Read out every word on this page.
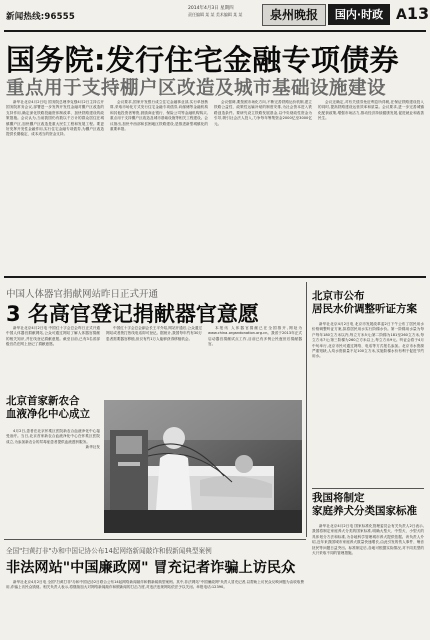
新闻热线:96555
2014年4月3日 星期四
责任编辑 某 某 美术编辑 某 某	泉州晚报	国内·时政 A13
国务院:发行住宅金融专项债券
重点用于支持棚户区改造及城市基础设施建设

新华社北京4月2日电 国务院总理李克强4月2日主持召开国务院常务会议,部署进一步发挥开发性金融对棚户区改造的支持作用,确定深化铁路投融资体制改革、加快铁路建设的政策措施。会议认为,当前我国仍有数以千万计的群众居住在城镇棚户区,加快棚户区改造是重大民生工程和发展工程。要更好发挥开发性金融作用,实行住宅金融专项债券,为棚户区改造提供长期稳定、成本适当的资金支持。

会议要求,国家开发银行成立住宅金融事业部,实行单独核算,采取市场化方式发行住宅金融专项债券,向邮储等金融机构和其他投资者筹资,鼓励商业银行、保险公司等金融机构购买,重点用于支持棚户区改造及城市基础设施等相关工程建设。会议指出,加快中西部和贫困地区铁路建设,是推进新型城镇化的重要举措。

会议强调,要按照市场化方向,不断完善铁路运价机制,建立铁路公益性、政策性运输补贴的制度安排,为社会资本进入铁路创造条件。要研究设立铁路发展基金,以中央财政性资金为引导,吸引社会法人投入,力争每年筹集资金2000亿至3000亿元。

会议还确定,对有关债券免征利息所得税,在保证铁路建设投入的同时,提高铁路建设运营效率和质量。会议要求,进一步完善城镇化配套政策,增强市场活力,推动经济持续健康发展,促进就业和改善民生。

中国人体器官捐献网站昨日正式开通
3 名高官登记捐献器官意愿

新华社北京4月2日电 中国红十字会总会昨日正式开通中国人体器官捐献网站,公众可通过网站了解人体器官捐献的相关知识,并在线登记捐献意愿。截至目前,已有3名省部级官员在网上登记了捐献意愿。

中国红十字会总会副会长王平介绍,网站开通后,公众通过网站或者拨打热线电话即可登记。据统计,我国每年约有30万患者需要器官移植,但仅有约1万人能够获得移植机会。

本报讯 人体器官捐献已在全国推开,网址为 www.china-organdonation.org.cn。我省于2013年正式启动器官捐献试点工作,目前已有多例公民逝世后捐献器官。

北京首家新农合
血液净化中心成立

4月2日,患者在北京怀柔区医院新农合血液净化中心接受治疗。当日,北京首家新农合血液净化中心在怀柔区医院成立,为参加新农合的尿毒症患者提供血液透析服务。

新华社发

北京市公布
居民水价调整听证方案

新华社北京4月2日电 北京市发展改革委2日下午公布了居民用水价格调整听证方案,拟将居民用水实行阶梯水价。第一阶梯用水量为每户每年180立方米以内,每立方米5元;第二阶梯为181至260立方米,每立方米7元;第三阶梯为260立方米以上,每立方米9元。听证会将于4月中旬举行,北京市民可通过网络、电话等方式报名参加。北京市水资源严重短缺,人均水资源量不足100立方米,实施阶梯水价有利于促进节约用水。

我国将制定
家庭养犬分类国家标准

新华社北京4月2日电 国家标准化管理委员会有关负责人2日表示,我国将制定家庭养犬分类的国家标准,明确大型犬、中型犬、小型犬的具体划分方法和标准,为各地科学管理城市养犬提供依据。该负责人介绍,近年来我国城市家庭养犬数量快速增长,由此引发的伤人事件、噪音扰民等问题日益突出。标准制定后,各地可根据实际情况,对不同类型的犬只采取不同的管理措施。

全国"扫黄打非"办和中国记协公布14起网络新闻敲诈和假新闻典型案例
非法网站"中国廉政网" 冒充记者诈骗上访民众

新华社北京4月2日电 全国"扫黄打非"办和中国记协2日联合公布14起网络新闻敲诈和假新闻典型案例。其中,非法网站"中国廉政网"负责人冒充记者,以帮助上访民众反映问题为由收取费用,诈骗上访民众钱财。相关负责人表示,将继续加大对网络新闻敲诈和假新闻的打击力度,对违法违规网站依法予以关闭。举报电话:12390。
